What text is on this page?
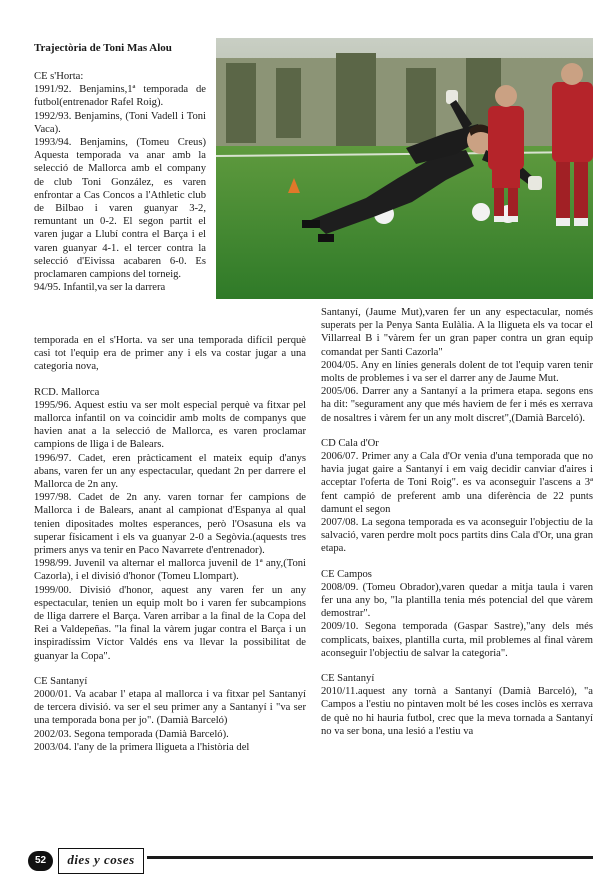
Trajectòria de Toni Mas Alou

CE s'Horta:

1991/92. Benjamins,1ª temporada de futbol(entrenador Rafel Roig).

1992/93. Benjamins, (Toni Vadell i Toni Vaca).

1993/94. Benjamins, (Tomeu Creus) Aquesta temporada va anar amb la selecció de Mallorca amb el company de club Toni González, es varen enfrontar a Cas Concos a l'Athletic club de Bilbao i varen guanyar 3-2, remuntant un 0-2. El segon partit el varen jugar a Llubí contra el Barça i el varen guanyar 4-1. el tercer contra la selecció d'Eivissa acabaren 6-0. Es proclamaren campions del torneig.

94/95. Infantil,va ser la darrera

temporada en el s'Horta. va ser una temporada difícil perquè casi tot l'equip era de primer any i els va costar jugar a una categoria nova,

RCD. Mallorca

1995/96. Aquest estiu va ser molt especial perquè va fitxar pel mallorca infantil on va coincidir amb molts de companys que havien anat a la selecció de Mallorca, es varen proclamar campions de lliga i de Balears.

1996/97. Cadet, eren pràcticament el mateix equip d'anys abans, varen fer un any espectacular, quedant 2n per darrere el Mallorca de 2n any.

1997/98. Cadet de 2n any. varen tornar fer campions de Mallorca i de Balears, anant al campionat d'Espanya al qual tenien dipositades moltes esperances, però l'Osasuna els va superar físicament i els va guanyar 2-0 a Segòvia.(aquests tres primers anys va tenir en Paco Navarrete d'entrenador).

1998/99. Juvenil va alternar el mallorca juvenil de 1ª any,(Toni Cazorla), i el divisió d'honor (Tomeu Llompart).

1999/00. Divisió d'honor, aquest any varen fer un any espectacular, tenien un equip molt bo i varen fer subcampions de lliga darrere el Barça. Varen arribar a la final de la Copa del Rei a Valdepeñas. "la final la vàrem jugar contra el Barça i un inspiradíssim Víctor Valdés ens va llevar la possibilitat de guanyar la Copa".

CE Santanyí

2000/01. Va acabar l' etapa al mallorca i va fitxar pel Santanyí de tercera divisió. va ser el seu primer any a Santanyí i "va ser una temporada bona per jo". (Damià Barceló)

2002/03. Segona temporada (Damià Barceló).

2003/04. l'any de la primera lligueta a l'història del

Santanyí, (Jaume Mut),varen fer un any espectacular, només superats per la Penya Santa Eulàlia. A la lligueta els va tocar el Villarreal B i "vàrem fer un gran paper contra un gran equip comandat per Santi Cazorla"

2004/05. Any en línies generals dolent de tot l'equip varen tenir molts de problemes i va ser el darrer any de Jaume Mut.

2005/06. Darrer any a Santanyí a la primera etapa. segons ens ha dit: "segurament any que més haviem de fer i més es xerrava de nosaltres i vàrem fer un any molt discret",(Damià Barceló).

CD Cala d'Or

2006/07. Primer any a Cala d'Or venia d'una temporada que no havia jugat gaire a Santanyí i em vaig decidir canviar d'aires i acceptar l'oferta de Toni Roig". es va aconseguir l'ascens a 3ª fent campió de preferent amb una diferència de 22 punts damunt el segon

2007/08. La segona temporada es va aconseguir l'objectiu de la salvació, varen perdre molt pocs partits dins Cala d'Or, una gran etapa.

CE Campos

2008/09. (Tomeu Obrador),varen quedar a mitja taula i varen fer una any bo, "la plantilla tenia més potencial del que vàrem demostrar".

2009/10. Segona temporada (Gaspar Sastre),"any dels més complicats, baixes, plantilla curta, mil problemes al final vàrem aconseguir l'objectiu de salvar la categoria".

CE Santanyí

2010/11.aquest any tornà a Santanyí (Damià Barceló), "a Campos a l'estiu no pintaven molt bé les coses inclòs es xerrava de què no hi hauria futbol, crec que la meva tornada a Santanyí no va ser bona, una lesió a l'estiu va

52	dies y coses
